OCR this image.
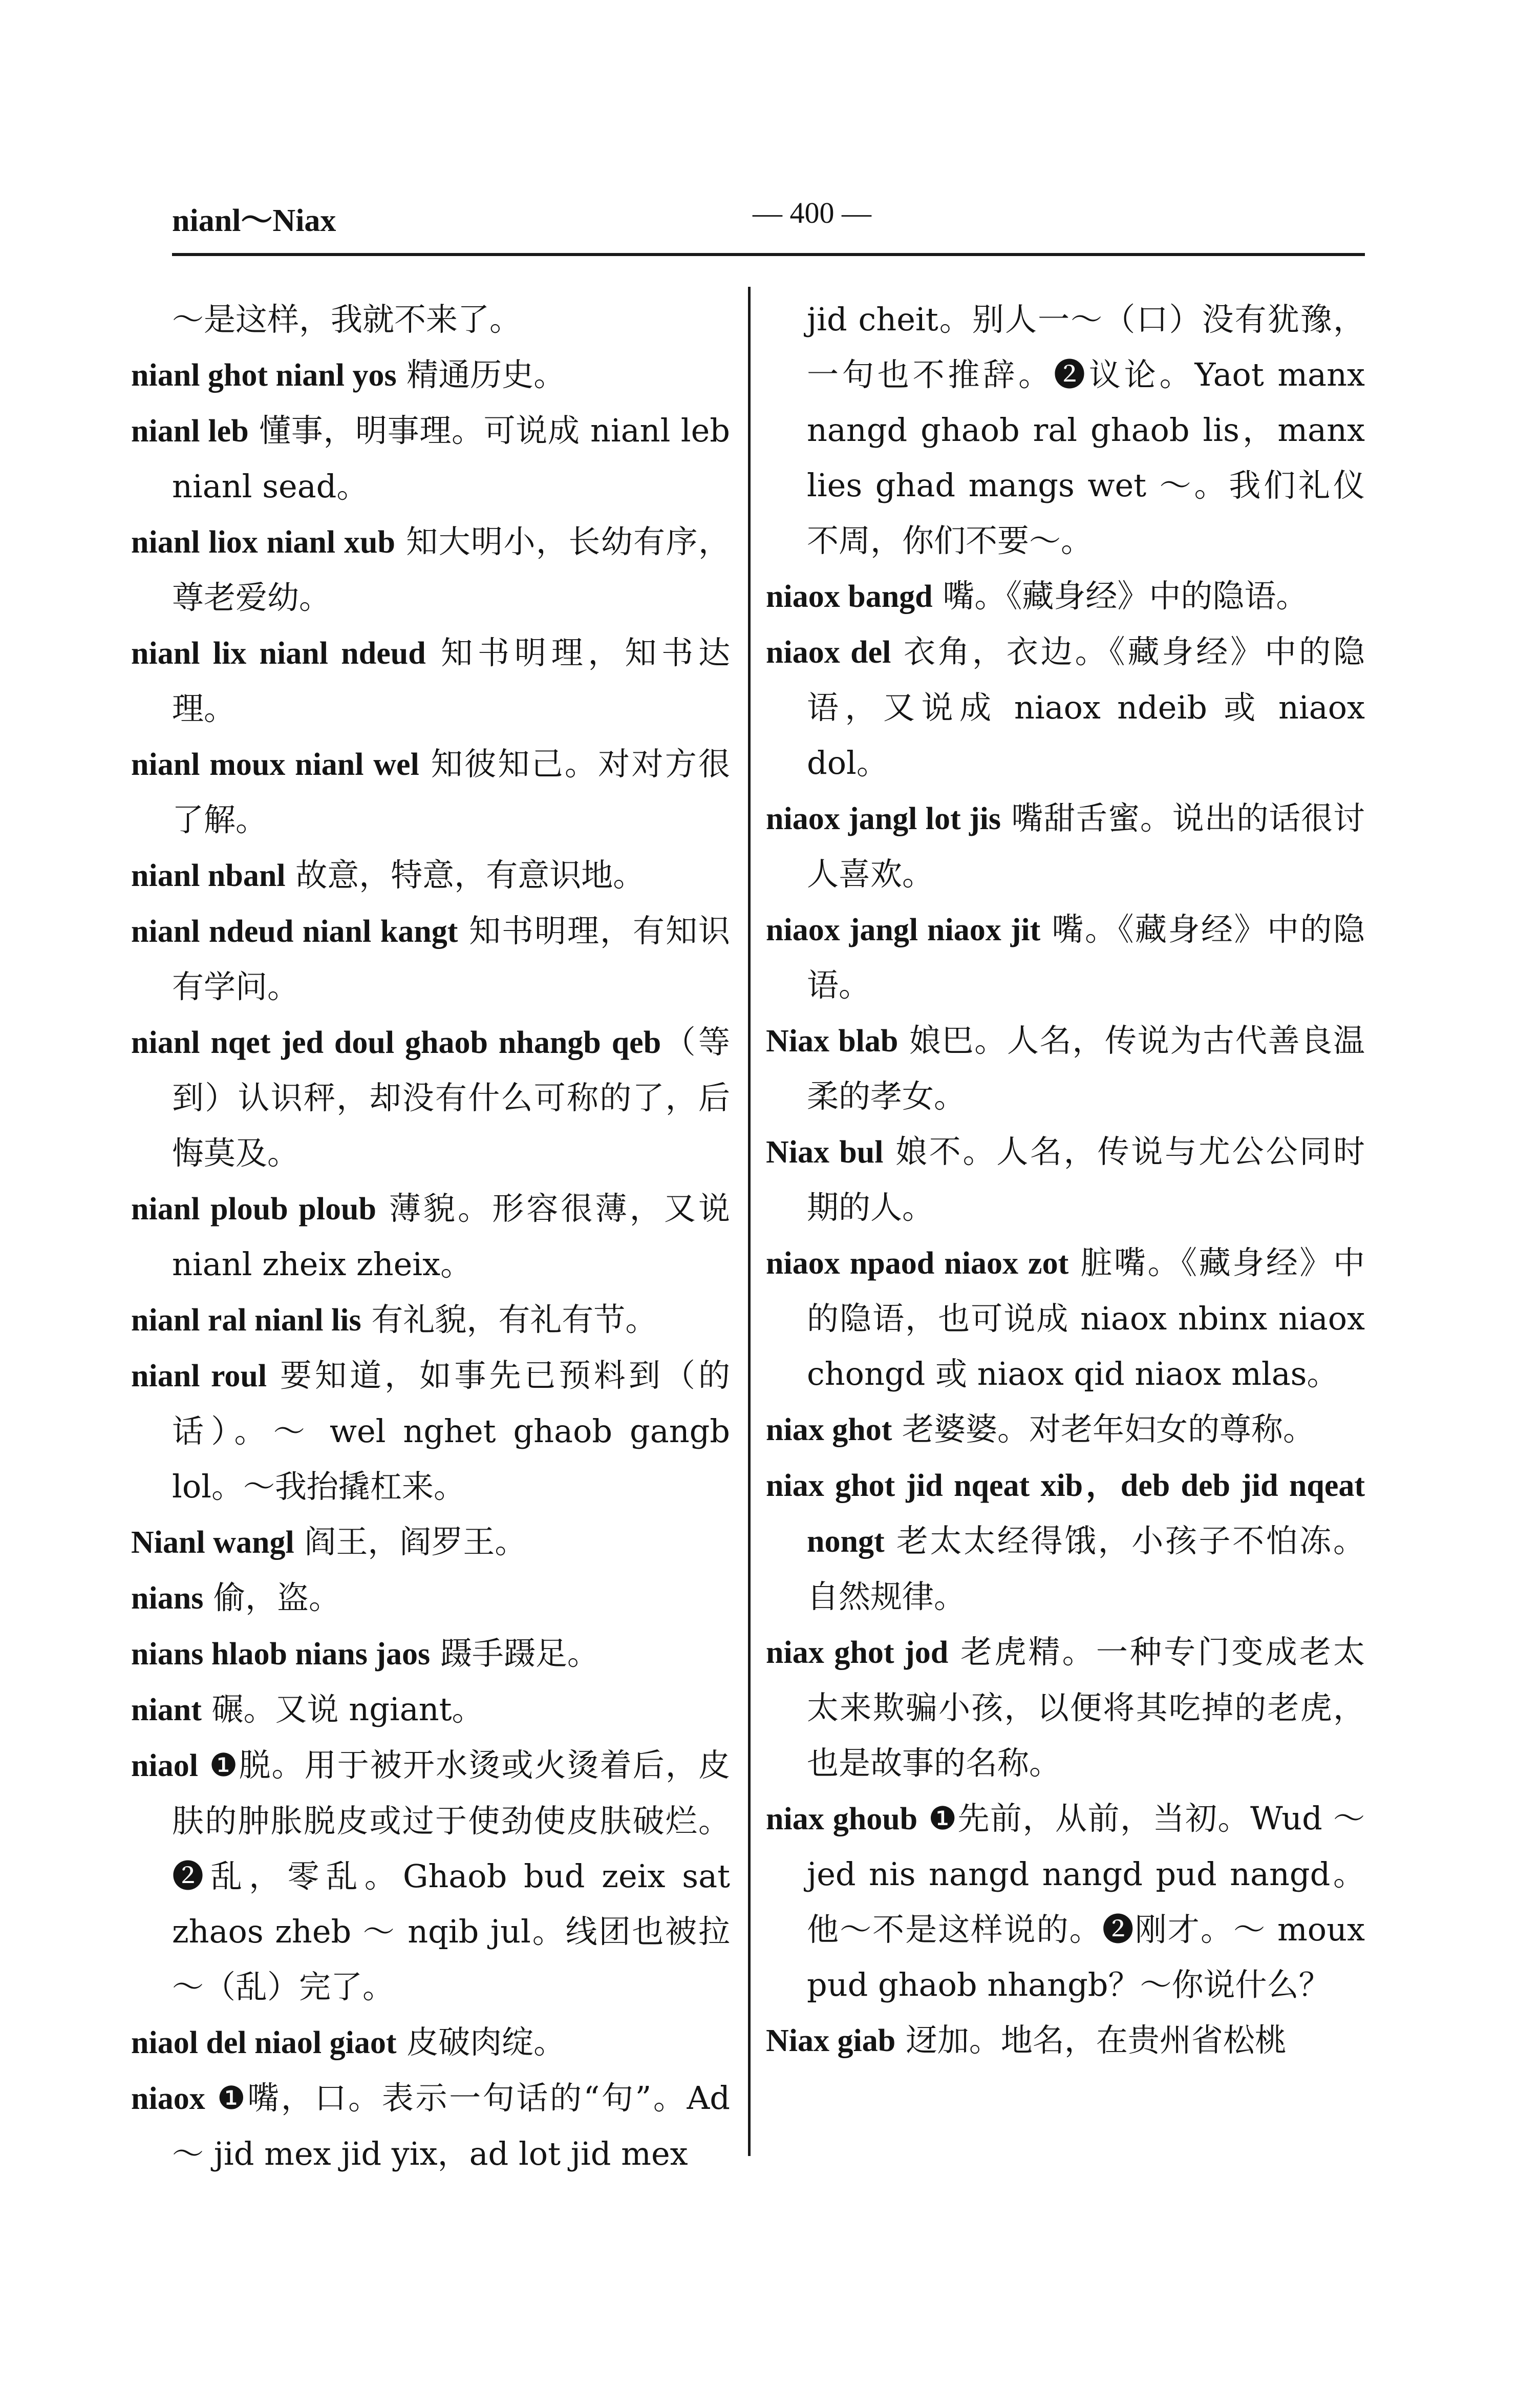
nianl～Niax	— 400 —

～是这样，我就不来了。

nianl ghot nianl yos 精通历史。

nianl leb 懂事，明事理。可说成 nianl leb nianl sead。

nianl liox nianl xub 知大明小，长幼有序，尊老爱幼。

nianl lix nianl ndeud 知书明理，知书达理。

nianl moux nianl wel 知彼知己。对对方很了解。

nianl nbanl 故意，特意，有意识地。

nianl ndeud nianl kangt 知书明理，有知识有学问。

nianl nqet jed doul ghaob nhangb qeb（等到）认识秤，却没有什么可称的了，后悔莫及。

nianl ploub ploub 薄貌。形容很薄，又说 nianl zheix zheix。

nianl ral nianl lis 有礼貌，有礼有节。

nianl roul 要知道，如事先已预料到（的话）。～ wel nghet ghaob gangb lol。～我抬撬杠来。

Nianl wangl 阎王，阎罗王。

nians 偷，盗。

nians hlaob nians jaos 蹑手蹑足。

niant 碾。又说 ngiant。

niaol ❶脱。用于被开水烫或火烫着后，皮肤的肿胀脱皮或过于使劲使皮肤破烂。❷乱，零乱。Ghaob bud zeix sat zhaos zheb ～ nqib jul。线团也被拉～（乱）完了。

niaol del niaol giaot 皮破肉绽。

niaox ❶嘴，口。表示一句话的“句”。Ad ～ jid mex jid yix，ad lot jid mex

jid cheit。别人一～（口）没有犹豫，一句也不推辞。❷议论。Yaot manx nangd ghaob ral ghaob lis，manx lies ghad mangs wet ～。我们礼仪不周，你们不要～。

niaox bangd 嘴。《藏身经》中的隐语。

niaox del 衣角，衣边。《藏身经》中的隐语，又说成 niaox ndeib 或 niaox dol。

niaox jangl lot jis 嘴甜舌蜜。说出的话很讨人喜欢。

niaox jangl niaox jit 嘴。《藏身经》中的隐语。

Niax blab 娘巴。人名，传说为古代善良温柔的孝女。

Niax bul 娘不。人名，传说与尤公公同时期的人。

niaox npaod niaox zot 脏嘴。《藏身经》中的隐语，也可说成 niaox nbinx niaox chongd 或 niaox qid niaox mlas。

niax ghot 老婆婆。对老年妇女的尊称。

niax ghot jid nqeat xib，deb deb jid nqeat nongt 老太太经得饿，小孩子不怕冻。自然规律。

niax ghot jod 老虎精。一种专门变成老太太来欺骗小孩，以便将其吃掉的老虎，也是故事的名称。

niax ghoub ❶先前，从前，当初。Wud ～ jed nis nangd nangd pud nangd。他～不是这样说的。❷刚才。～ moux pud ghaob nhangb？～你说什么？

Niax giab 迓加。地名，在贵州省松桃
